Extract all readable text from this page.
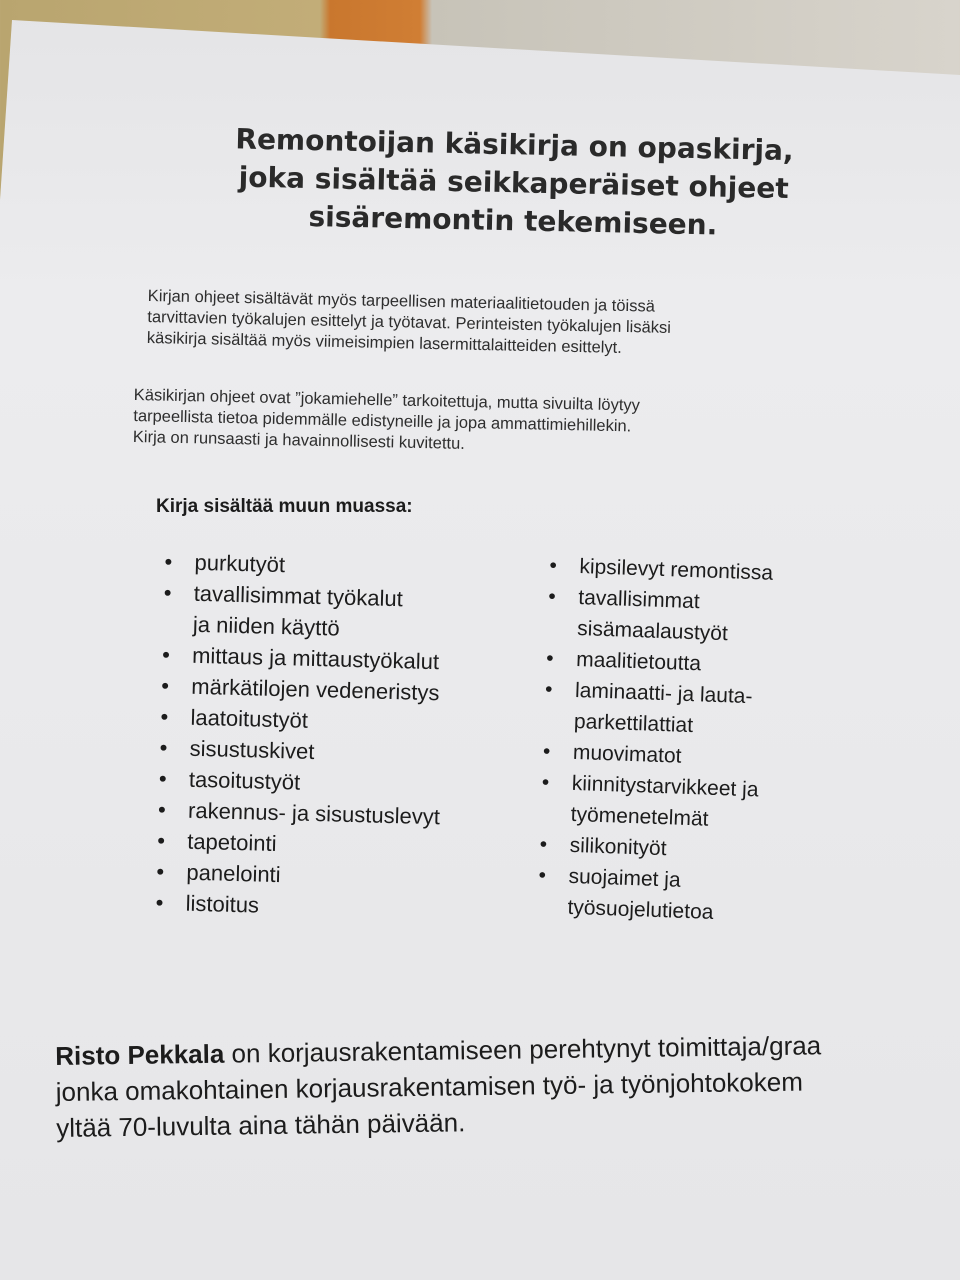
Remontoijan käsikirja on opaskirja,
joka sisältää seikkaperäiset ohjeet
sisäremontin tekemiseen.
Kirjan ohjeet sisältävät myös tarpeellisen materiaalitietouden ja töissä
tarvittavien työkalujen esittelyt ja työtavat. Perinteisten työkalujen lisäksi
käsikirja sisältää myös viimeisimpien lasermittalaitteiden esittelyt.
Käsikirjan ohjeet ovat ”jokamiehelle” tarkoitettuja, mutta sivuilta löytyy
tarpeellista tietoa pidemmälle edistyneille ja jopa ammattimiehillekin.
Kirja on runsaasti ja havainnollisesti kuvitettu.
Kirja sisältää muun muassa:
• purkutyöt
• tavallisimmat työkalut
ja niiden käyttö
• mittaus ja mittaustyökalut
• märkätilojen vedeneristys
• laatoitustyöt
• sisustuskivet
• tasoitustyöt
• rakennus- ja sisustuslevyt
• tapetointi
• panelointi
• listoitus
• kipsilevyt remontissa
• tavallisimmat
sisämaalaustyöt
• maalitietoutta
• laminaatti- ja lauta-
parkettilattiat
• muovimatot
• kiinnitystarvikkeet ja
työmenetelmät
• silikonityöt
• suojaimet ja
työsuojelutietoa
Risto Pekkala on korjausrakentamiseen perehtynyt toimittaja/graa
jonka omakohtainen korjausrakentamisen työ- ja työnjohtokokem
yltää 70-luvulta aina tähän päivään.
